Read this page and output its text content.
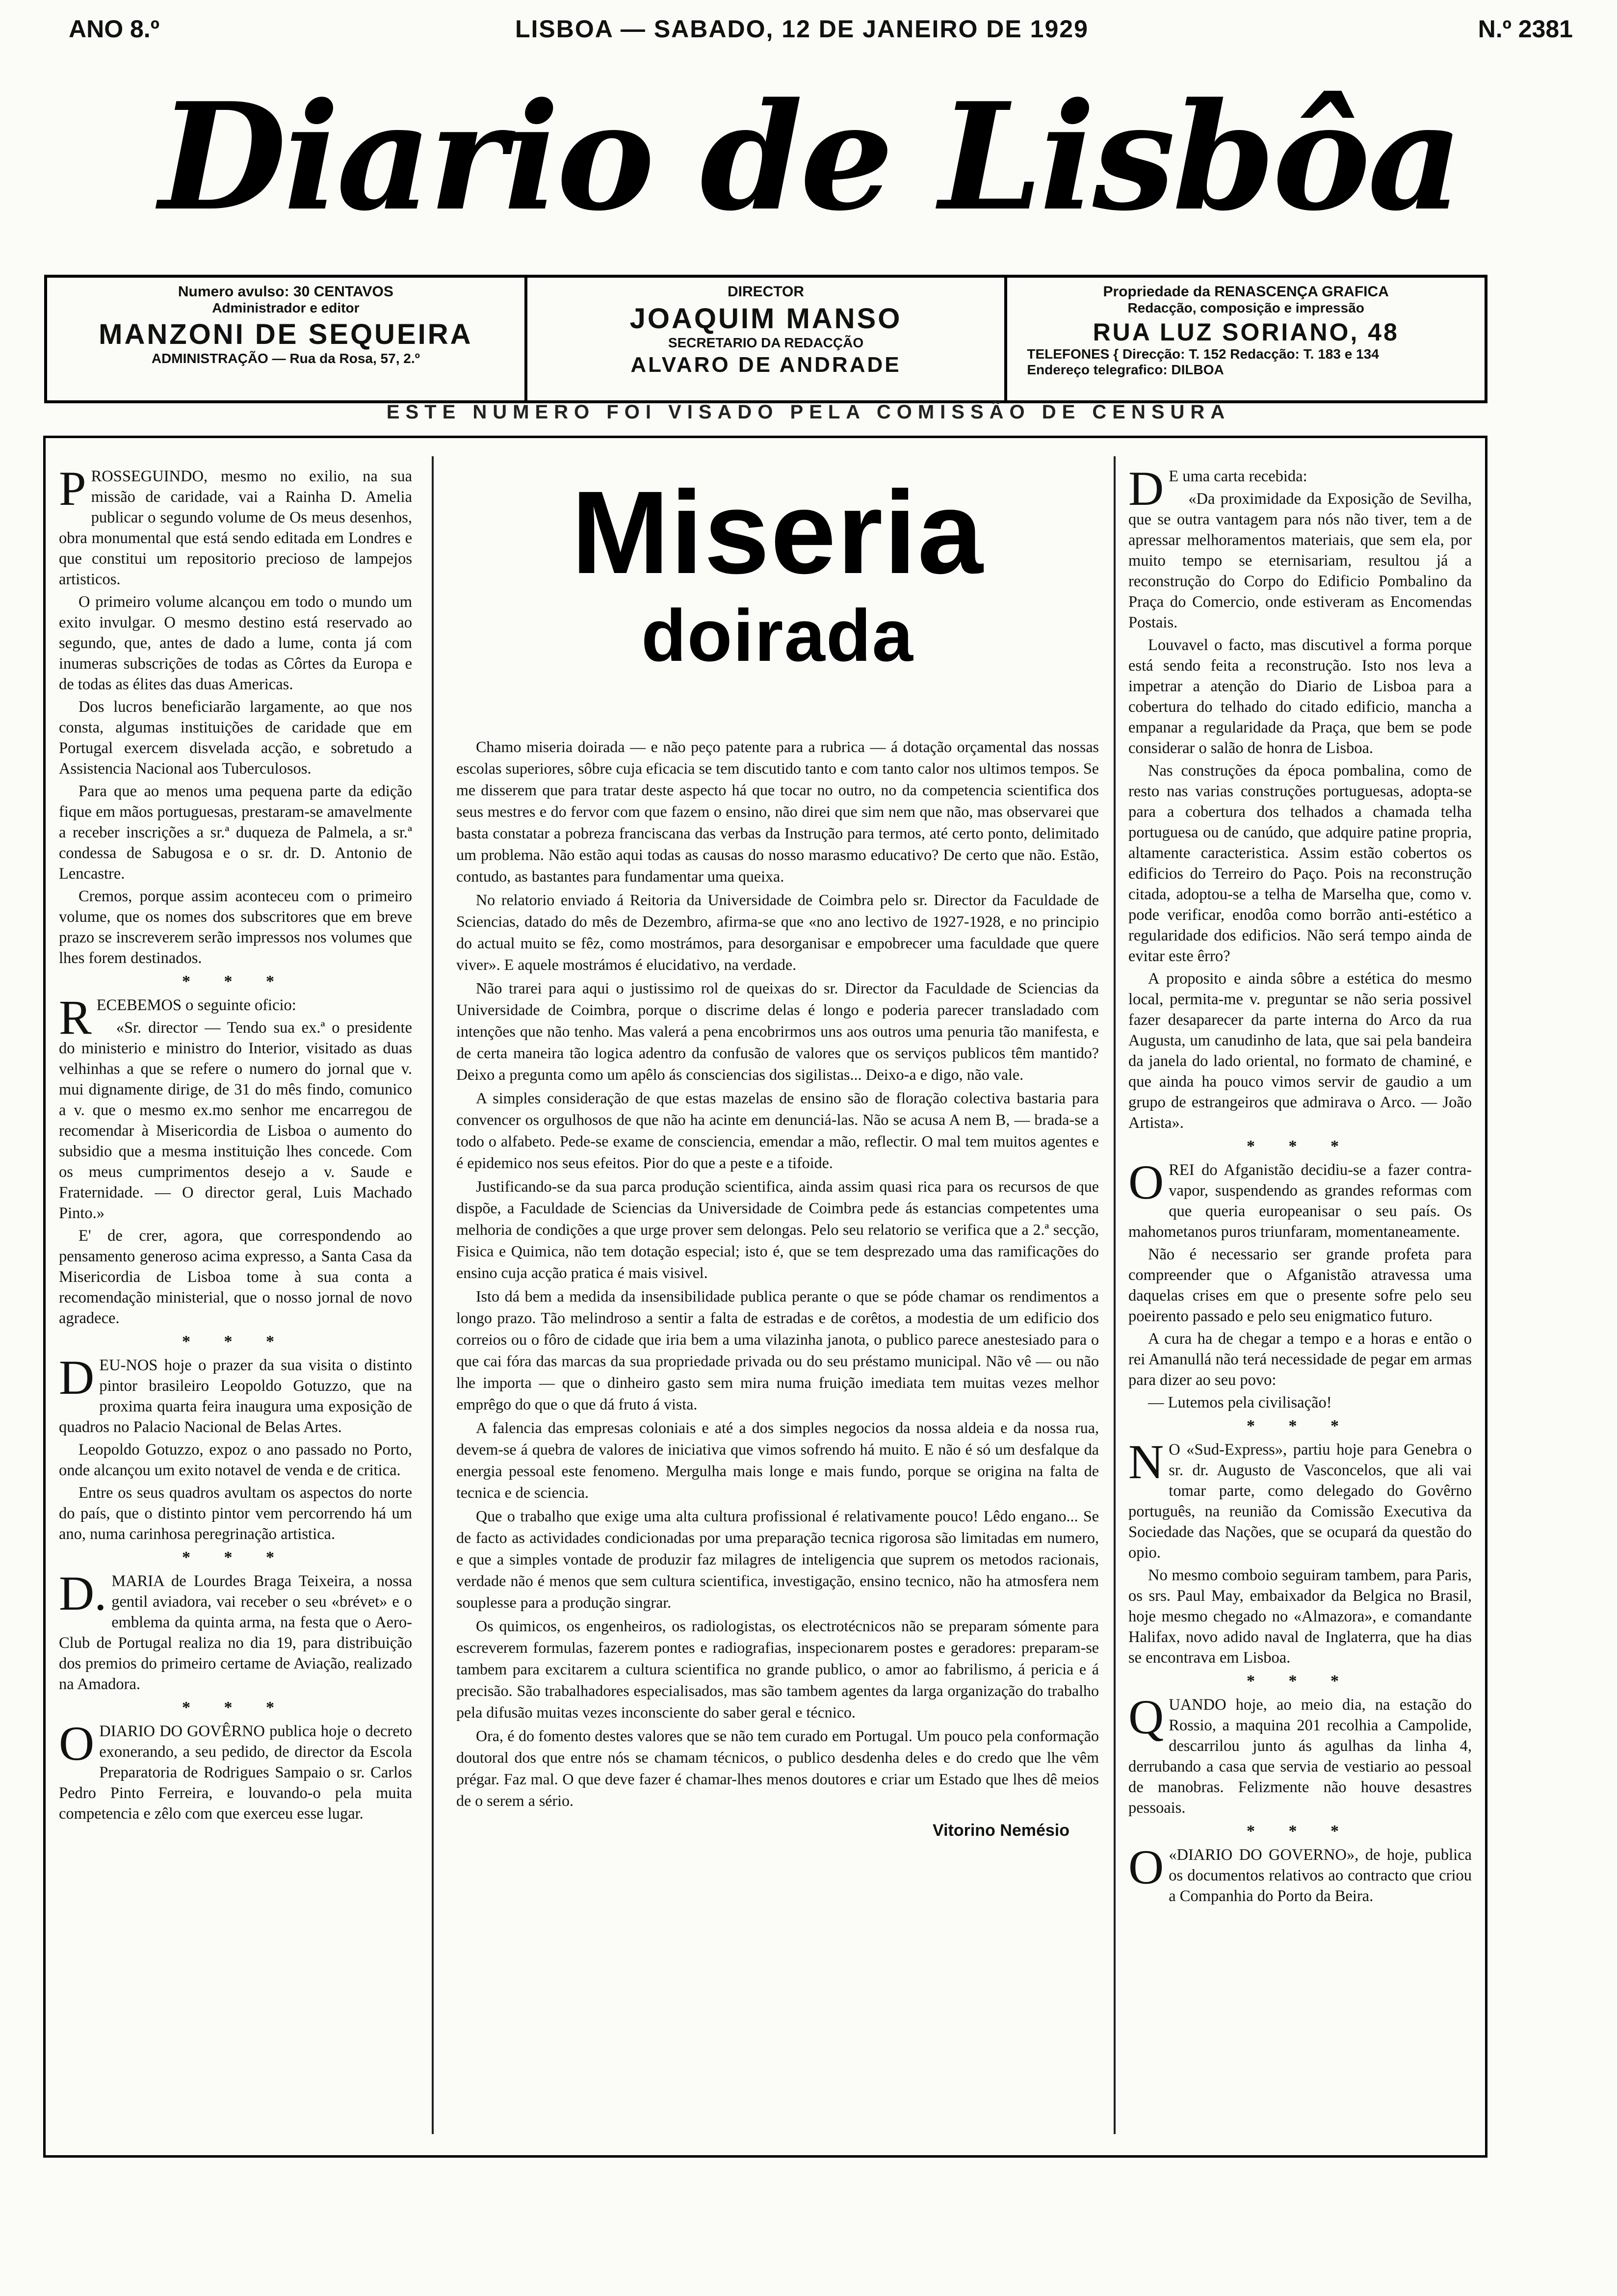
ANO 8.º	LISBOA — SABADO, 12 DE JANEIRO DE 1929	N.º 2381
Diario de Lisbôa
Numero avulso: 30 CENTAVOS
Administrador e editor
MANZONI DE SEQUEIRA
ADMINISTRAÇÃO — Rua da Rosa, 57, 2.º
DIRECTOR
JOAQUIM MANSO
SECRETARIO DA REDACÇÃO
ALVARO DE ANDRADE
Propriedade da RENASCENÇA GRAFICA
Redacção, composição e impressão
RUA LUZ SORIANO, 48
TELEFONES { Direcção: T. 152 Redacção: T. 183 e 134
Endereço telegrafico: DILBOA
ESTE NUMERO FOI VISADO PELA COMISSÃO DE CENSURA

PROSSEGUINDO, mesmo no exilio, na sua missão de caridade, vai a Rainha D. Amelia publicar o segundo volume de Os meus desenhos, obra monumental que está sendo editada em Londres e que constitui um repositorio precioso de lampejos artisticos.

O primeiro volume alcançou em todo o mundo um exito invulgar. O mesmo destino está reservado ao segundo, que, antes de dado a lume, conta já com inumeras subscrições de todas as Côrtes da Europa e de todas as élites das duas Americas.

Dos lucros beneficiarão largamente, ao que nos consta, algumas instituições de caridade que em Portugal exercem disvelada acção, e sobretudo a Assistencia Nacional aos Tuberculosos.

Para que ao menos uma pequena parte da edição fique em mãos portuguesas, prestaram-se amavelmente a receber inscrições a sr.ª duqueza de Palmela, a sr.ª condessa de Sabugosa e o sr. dr. D. Antonio de Lencastre.

Cremos, porque assim aconteceu com o primeiro volume, que os nomes dos subscritores que em breve prazo se inscreverem serão impressos nos volumes que lhes forem destinados.

* * *

RECEBEMOS o seguinte oficio:

«Sr. director — Tendo sua ex.ª o presidente do ministerio e ministro do Interior, visitado as duas velhinhas a que se refere o numero do jornal que v. mui dignamente dirige, de 31 do mês findo, comunico a v. que o mesmo ex.mo senhor me encarregou de recomendar à Misericordia de Lisboa o aumento do subsidio que a mesma instituição lhes concede. Com os meus cumprimentos desejo a v. Saude e Fraternidade. — O director geral, Luis Machado Pinto.»

E' de crer, agora, que correspondendo ao pensamento generoso acima expresso, a Santa Casa da Misericordia de Lisboa tome à sua conta a recomendação ministerial, que o nosso jornal de novo agradece.

* * *

DEU-NOS hoje o prazer da sua visita o distinto pintor brasileiro Leopoldo Gotuzzo, que na proxima quarta feira inaugura uma exposição de quadros no Palacio Nacional de Belas Artes.

Leopoldo Gotuzzo, expoz o ano passado no Porto, onde alcançou um exito notavel de venda e de critica.

Entre os seus quadros avultam os aspectos do norte do país, que o distinto pintor vem percorrendo há um ano, numa carinhosa peregrinação artistica.

* * *

D. MARIA de Lourdes Braga Teixeira, a nossa gentil aviadora, vai receber o seu «brévet» e o emblema da quinta arma, na festa que o Aero-Club de Portugal realiza no dia 19, para distribuição dos premios do primeiro certame de Aviação, realizado na Amadora.

* * *

ODIARIO DO GOVÊRNO publica hoje o decreto exonerando, a seu pedido, de director da Escola Preparatoria de Rodrigues Sampaio o sr. Carlos Pedro Pinto Ferreira, e louvando-o pela muita competencia e zêlo com que exerceu esse lugar.

Miseria
doirada

Chamo miseria doirada — e não peço patente para a rubrica — á dotação orçamental das nossas escolas superiores, sôbre cuja eficacia se tem discutido tanto e com tanto calor nos ultimos tempos. Se me disserem que para tratar deste aspecto há que tocar no outro, no da competencia scientifica dos seus mestres e do fervor com que fazem o ensino, não direi que sim nem que não, mas observarei que basta constatar a pobreza franciscana das verbas da Instrução para termos, até certo ponto, delimitado um problema. Não estão aqui todas as causas do nosso marasmo educativo? De certo que não. Estão, contudo, as bastantes para fundamentar uma queixa.

No relatorio enviado á Reitoria da Universidade de Coimbra pelo sr. Director da Faculdade de Sciencias, datado do mês de Dezembro, afirma-se que «no ano lectivo de 1927-1928, e no principio do actual muito se fêz, como mostrámos, para desorganisar e empobrecer uma faculdade que quere viver». E aquele mostrámos é elucidativo, na verdade.

Não trarei para aqui o justissimo rol de queixas do sr. Director da Faculdade de Sciencias da Universidade de Coimbra, porque o discrime delas é longo e poderia parecer transladado com intenções que não tenho. Mas valerá a pena encobrirmos uns aos outros uma penuria tão manifesta, e de certa maneira tão logica adentro da confusão de valores que os serviços publicos têm mantido? Deixo a pregunta como um apêlo ás consciencias dos sigilistas... Deixo-a e digo, não vale.

A simples consideração de que estas mazelas de ensino são de floração colectiva bastaria para convencer os orgulhosos de que não ha acinte em denunciá-las. Não se acusa A nem B, — brada-se a todo o alfabeto. Pede-se exame de consciencia, emendar a mão, reflectir. O mal tem muitos agentes e é epidemico nos seus efeitos. Pior do que a peste e a tifoide.

Justificando-se da sua parca produção scientifica, ainda assim quasi rica para os recursos de que dispõe, a Faculdade de Sciencias da Universidade de Coimbra pede ás estancias competentes uma melhoria de condições a que urge prover sem delongas. Pelo seu relatorio se verifica que a 2.ª secção, Fisica e Quimica, não tem dotação especial; isto é, que se tem desprezado uma das ramificações do ensino cuja acção pratica é mais visivel.

Isto dá bem a medida da insensibilidade publica perante o que se póde chamar os rendimentos a longo prazo. Tão melindroso a sentir a falta de estradas e de corêtos, a modestia de um edificio dos correios ou o fôro de cidade que iria bem a uma vilazinha janota, o publico parece anestesiado para o que cai fóra das marcas da sua propriedade privada ou do seu préstamo municipal. Não vê — ou não lhe importa — que o dinheiro gasto sem mira numa fruição imediata tem muitas vezes melhor emprêgo do que o que dá fruto á vista.

A falencia das empresas coloniais e até a dos simples negocios da nossa aldeia e da nossa rua, devem-se á quebra de valores de iniciativa que vimos sofrendo há muito. E não é só um desfalque da energia pessoal este fenomeno. Mergulha mais longe e mais fundo, porque se origina na falta de tecnica e de sciencia.

Que o trabalho que exige uma alta cultura profissional é relativamente pouco! Lêdo engano... Se de facto as actividades condicionadas por uma preparação tecnica rigorosa são limitadas em numero, e que a simples vontade de produzir faz milagres de inteligencia que suprem os metodos racionais, verdade não é menos que sem cultura scientifica, investigação, ensino tecnico, não ha atmosfera nem souplesse para a produção singrar.

Os quimicos, os engenheiros, os radiologistas, os electrotécnicos não se preparam sómente para escreverem formulas, fazerem pontes e radiografias, inspecionarem postes e geradores: preparam-se tambem para excitarem a cultura scientifica no grande publico, o amor ao fabrilismo, á pericia e á precisão. São trabalhadores especialisados, mas são tambem agentes da larga organização do trabalho pela difusão muitas vezes inconsciente do saber geral e técnico.

Ora, é do fomento destes valores que se não tem curado em Portugal. Um pouco pela conformação doutoral dos que entre nós se chamam técnicos, o publico desdenha deles e do credo que lhe vêm prégar. Faz mal. O que deve fazer é chamar-lhes menos doutores e criar um Estado que lhes dê meios de o serem a sério.

Vitorino Nemésio

D E uma carta recebida:

«Da proximidade da Exposição de Sevilha, que se outra vantagem para nós não tiver, tem a de apressar melhoramentos materiais, que sem ela, por muito tempo se eternisariam, resultou já a reconstrução do Corpo do Edificio Pombalino da Praça do Comercio, onde estiveram as Encomendas Postais.

Louvavel o facto, mas discutivel a forma porque está sendo feita a reconstrução. Isto nos leva a impetrar a atenção do Diario de Lisboa para a cobertura do telhado do citado edificio, mancha a empanar a regularidade da Praça, que bem se pode considerar o salão de honra de Lisboa.

Nas construções da época pombalina, como de resto nas varias construções portuguesas, adopta-se para a cobertura dos telhados a chamada telha portuguesa ou de canúdo, que adquire patine propria, altamente caracteristica. Assim estão cobertos os edificios do Terreiro do Paço. Pois na reconstrução citada, adoptou-se a telha de Marselha que, como v. pode verificar, enodôa como borrão anti-estético a regularidade dos edificios. Não será tempo ainda de evitar este êrro?

A proposito e ainda sôbre a estética do mesmo local, permita-me v. preguntar se não seria possivel fazer desaparecer da parte interna do Arco da rua Augusta, um canudinho de lata, que sai pela bandeira da janela do lado oriental, no formato de chaminé, e que ainda ha pouco vimos servir de gaudio a um grupo de estrangeiros que admirava o Arco. — João Artista».

* * *

OREI do Afganistão decidiu-se a fazer contra-vapor, suspendendo as grandes reformas com que queria europeanisar o seu país. Os mahometanos puros triunfaram, momentaneamente.

Não é necessario ser grande profeta para compreender que o Afganistão atravessa uma daquelas crises em que o presente sofre pelo seu poeirento passado e pelo seu enigmatico futuro.

A cura ha de chegar a tempo e a horas e então o rei Amanullá não terá necessidade de pegar em armas para dizer ao seu povo:

— Lutemos pela civilisação!

* * *

N O «Sud-Express», partiu hoje para Genebra o sr. dr. Augusto de Vasconcelos, que ali vai tomar parte, como delegado do Govêrno português, na reunião da Comissão Executiva da Sociedade das Nações, que se ocupará da questão do opio.

No mesmo comboio seguiram tambem, para Paris, os srs. Paul May, embaixador da Belgica no Brasil, hoje mesmo chegado no «Almazora», e comandante Halifax, novo adido naval de Inglaterra, que ha dias se encontrava em Lisboa.

* * *

QUANDO hoje, ao meio dia, na estação do Rossio, a maquina 201 recolhia a Campolide, descarrilou junto ás agulhas da linha 4, derrubando a casa que servia de vestiario ao pessoal de manobras. Felizmente não houve desastres pessoais.

* * *

O «DIARIO DO GOVERNO», de hoje, publica os documentos relativos ao contracto que criou a Companhia do Porto da Beira.
